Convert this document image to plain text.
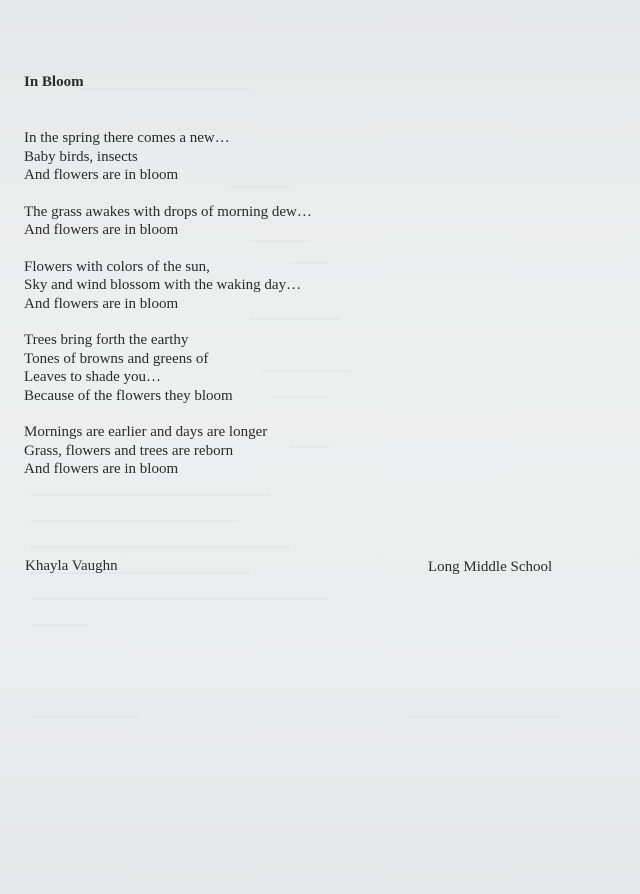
In Bloom
In the spring there comes a new…
Baby birds, insects
And flowers are in bloom
The grass awakes with drops of morning dew…
And flowers are in bloom
Flowers with colors of the sun,
Sky and wind blossom with the waking day…
And flowers are in bloom
Trees bring forth the earthy
Tones of browns and greens of
Leaves to shade you…
Because of the flowers they bloom
Mornings are earlier and days are longer
Grass, flowers and trees are reborn
And flowers are in bloom
Khayla Vaughn	Long Middle School
